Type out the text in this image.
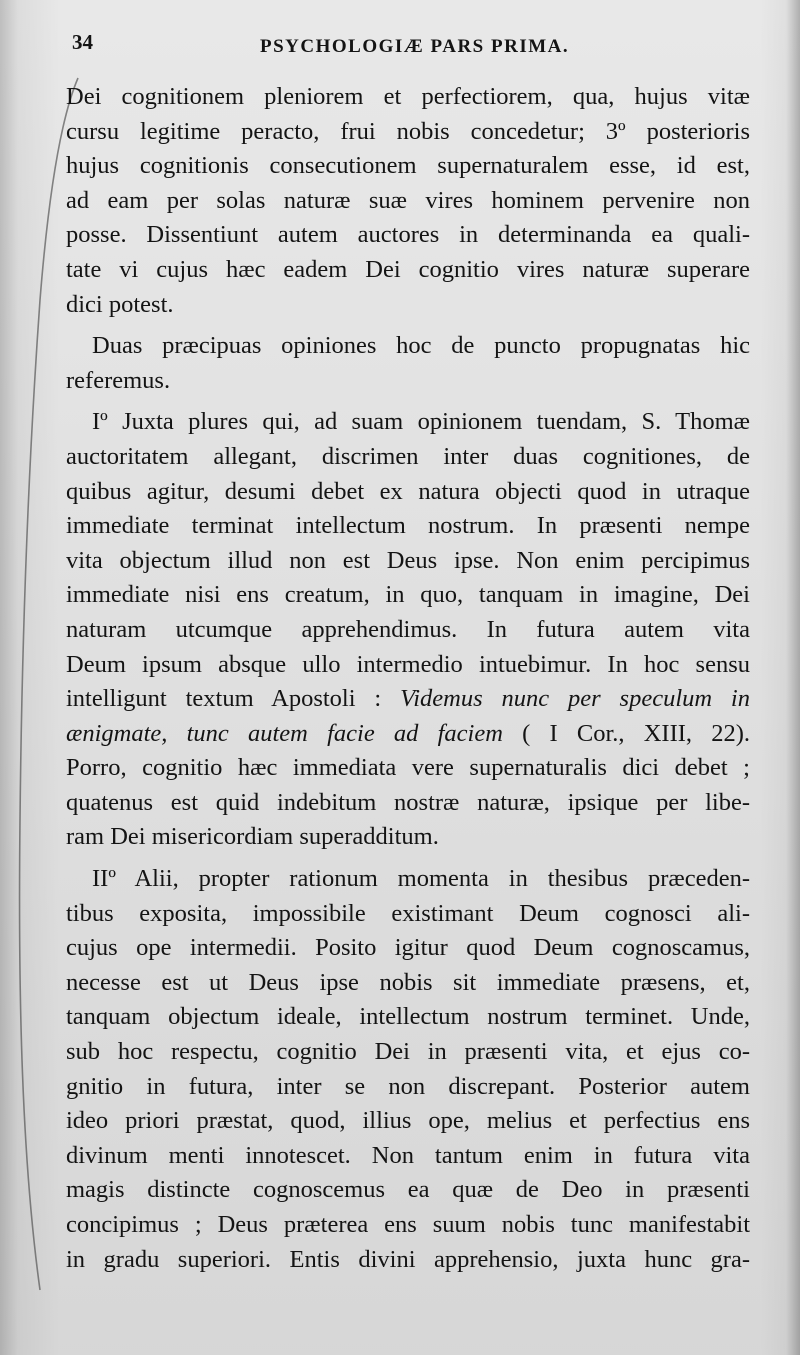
34	PSYCHOLOGIÆ PARS PRIMA.
Dei cognitionem pleniorem et perfectiorem, qua, hujus vitæ
cursu legitime peracto, frui nobis concedetur; 3º posterioris
hujus cognitionis consecutionem supernaturalem esse, id est,
ad eam per solas naturæ suæ vires hominem pervenire non
posse. Dissentiunt autem auctores in determinanda ea quali-
tate vi cujus hæc eadem Dei cognitio vires naturæ superare
dici potest.
Duas præcipuas opiniones hoc de puncto propugnatas hic
referemus.
Iº Juxta plures qui, ad suam opinionem tuendam, S. Thomæ
auctoritatem allegant, discrimen inter duas cognitiones, de
quibus agitur, desumi debet ex natura objecti quod in utraque
immediate terminat intellectum nostrum. In præsenti nempe
vita objectum illud non est Deus ipse. Non enim percipimus
immediate nisi ens creatum, in quo, tanquam in imagine, Dei
naturam utcumque apprehendimus. In futura autem vita
Deum ipsum absque ullo intermedio intuebimur. In hoc sensu
intelligunt textum Apostoli : Videmus nunc per speculum in
ænigmate, tunc autem facie ad faciem ( I Cor., XIII, 22).
Porro, cognitio hæc immediata vere supernaturalis dici debet ;
quatenus est quid indebitum nostræ naturæ, ipsique per libe-
ram Dei misericordiam superadditum.
IIº Alii, propter rationum momenta in thesibus præceden-
tibus exposita, impossibile existimant Deum cognosci ali-
cujus ope intermedii. Posito igitur quod Deum cognoscamus,
necesse est ut Deus ipse nobis sit immediate præsens, et,
tanquam objectum ideale, intellectum nostrum terminet. Unde,
sub hoc respectu, cognitio Dei in præsenti vita, et ejus co-
gnitio in futura, inter se non discrepant. Posterior autem
ideo priori præstat, quod, illius ope, melius et perfectius ens
divinum menti innotescet. Non tantum enim in futura vita
magis distincte cognoscemus ea quæ de Deo in præsenti
concipimus ; Deus præterea ens suum nobis tunc manifestabit
in gradu superiori. Entis divini apprehensio, juxta hunc gra-
